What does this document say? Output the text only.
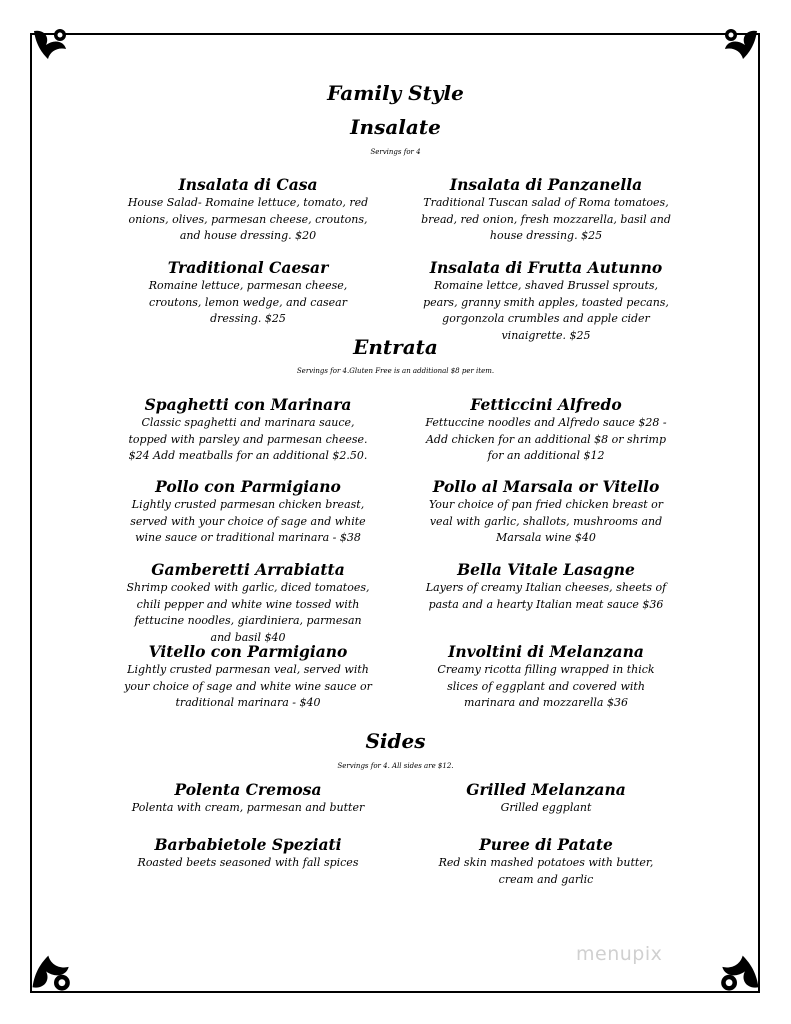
Family Style
Insalate
Servings for 4
Insalata di Casa
House Salad- Romaine lettuce, tomato, red onions, olives, parmesan cheese, croutons, and house dressing. $20
Insalata di Panzanella
Traditional Tuscan salad of Roma tomatoes, bread, red onion, fresh mozzarella, basil and house dressing. $25
Traditional Caesar
Romaine lettuce, parmesan cheese, croutons, lemon wedge, and casear dressing. $25
Insalata di Frutta Autunno
Romaine lettce, shaved Brussel sprouts, pears, granny smith apples, toasted pecans, gorgonzola crumbles and apple cider vinaigrette. $25
Entrata
Servings for 4.Gluten Free is an additional $8 per item.
Spaghetti con Marinara
Classic spaghetti and marinara sauce, topped with parsley and parmesan cheese. $24 Add meatballs for an additional $2.50.
Fetticcini Alfredo
Fettuccine noodles and Alfredo sauce $28 - Add chicken for an additional $8 or shrimp for an additional $12
Pollo con Parmigiano
Lightly crusted parmesan chicken breast, served with your choice of sage and white wine sauce or traditional marinara - $38
Pollo al Marsala or Vitello
Your choice of pan fried chicken breast or veal with garlic, shallots, mushrooms and Marsala wine $40
Gamberetti Arrabiatta
Shrimp cooked with garlic, diced tomatoes, chili pepper and white wine tossed with fettucine noodles, giardiniera, parmesan and basil $40
Bella Vitale Lasagne
Layers of creamy Italian cheeses, sheets of pasta and a hearty Italian meat sauce $36
Vitello con Parmigiano
Lightly crusted parmesan veal, served with your choice of sage and white wine sauce or traditional marinara - $40
Involtini di Melanzana
Creamy ricotta filling wrapped in thick slices of eggplant and covered with marinara and mozzarella $36
Sides
Servings for 4. All sides are $12.
Polenta Cremosa
Polenta with cream, parmesan and butter
Grilled Melanzana
Grilled eggplant
Barbabietole Speziati
Roasted beets seasoned with fall spices
Puree di Patate
Red skin mashed potatoes with butter, cream and garlic
menupix
